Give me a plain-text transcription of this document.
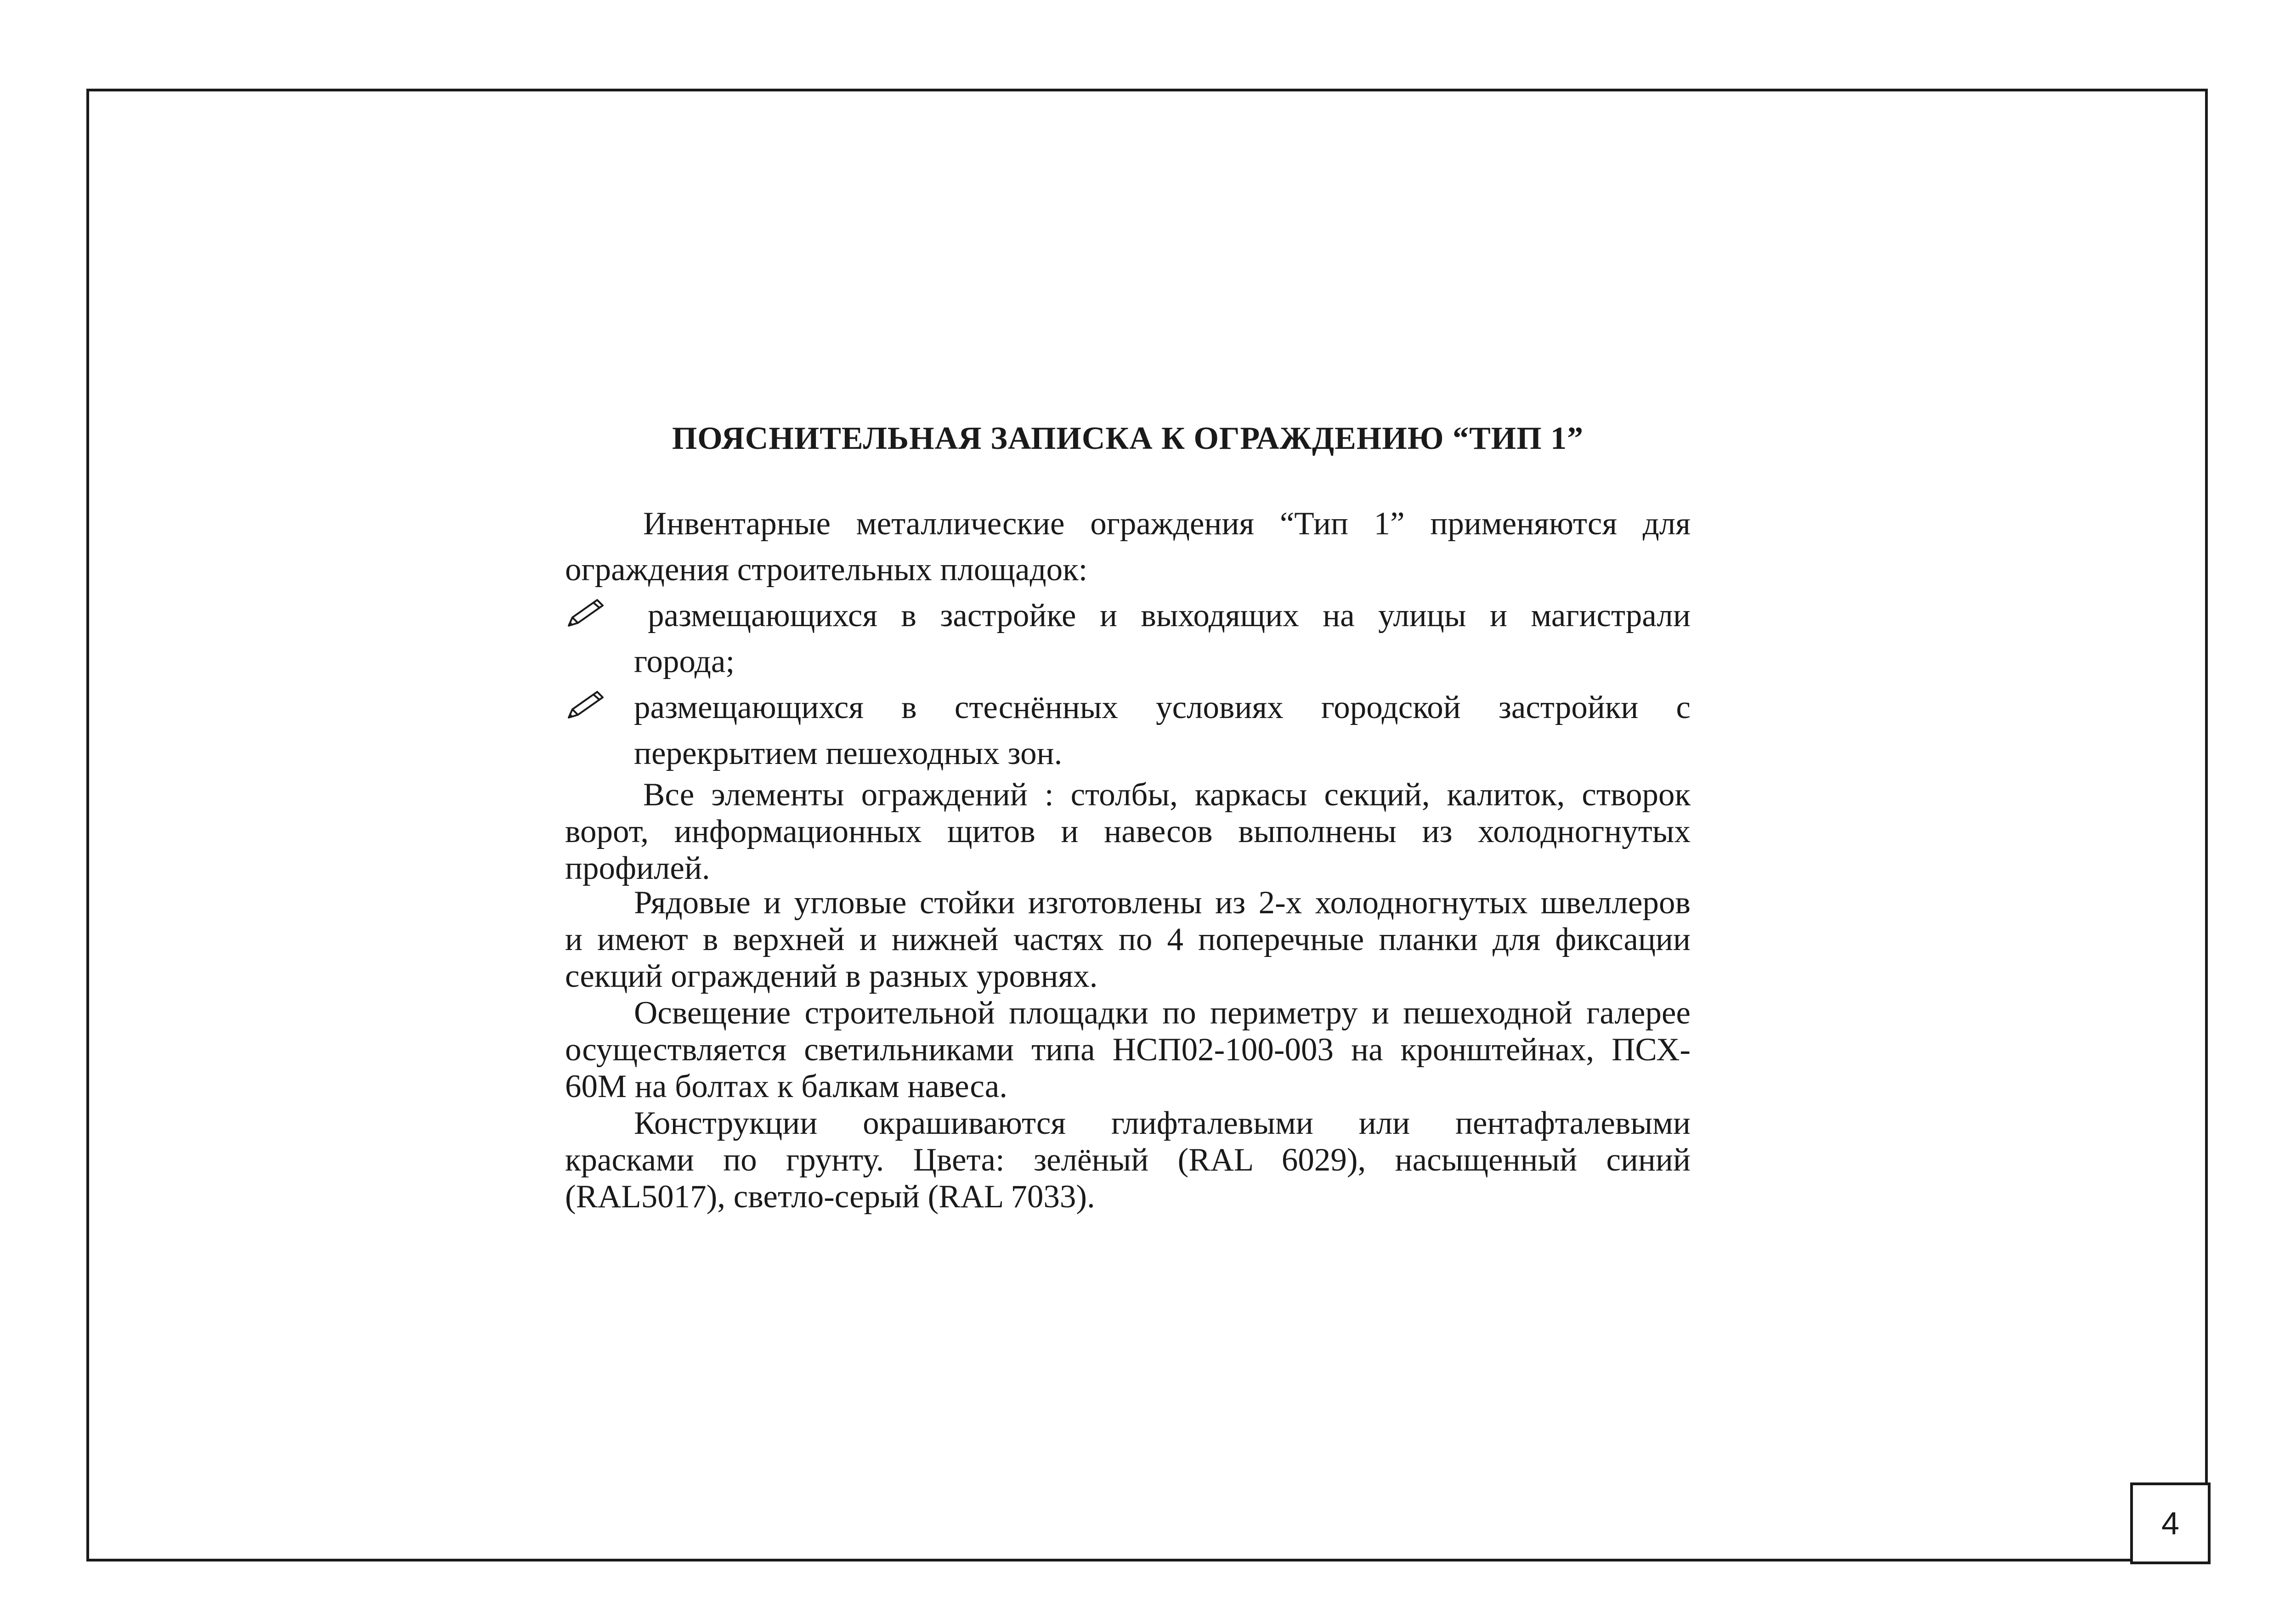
ПОЯСНИТЕЛЬНАЯ ЗАПИСКА К ОГРАЖДЕНИЮ “ТИП 1”

Инвентарные металлические ограждения “Тип 1” применяются для

ограждения строительных площадок:

размещающихся в застройке и выходящих на улицы и магистрали
города;
размещающихся в стеснённых условиях городской застройки с
перекрытием пешеходных зон.
Все элементы ограждений : столбы, каркасы секций, калиток, створок
ворот, информационных щитов и навесов выполнены из холодногнутых
профилей.
Рядовые и угловые стойки изготовлены из 2-х холодногнутых швеллеров
и имеют в верхней и нижней частях по 4 поперечные планки для фиксации
секций ограждений в разных уровнях.
Освещение строительной площадки по периметру и пешеходной галерее
осуществляется светильниками типа НСП02-100-003 на кронштейнах, ПСХ-
60М на болтах к балкам навеса.
Конструкции окрашиваются глифталевыми или пентафталевыми
красками по грунту. Цвета: зелёный (RAL 6029), насыщенный синий
(RAL5017), светло-серый (RAL 7033).
4
